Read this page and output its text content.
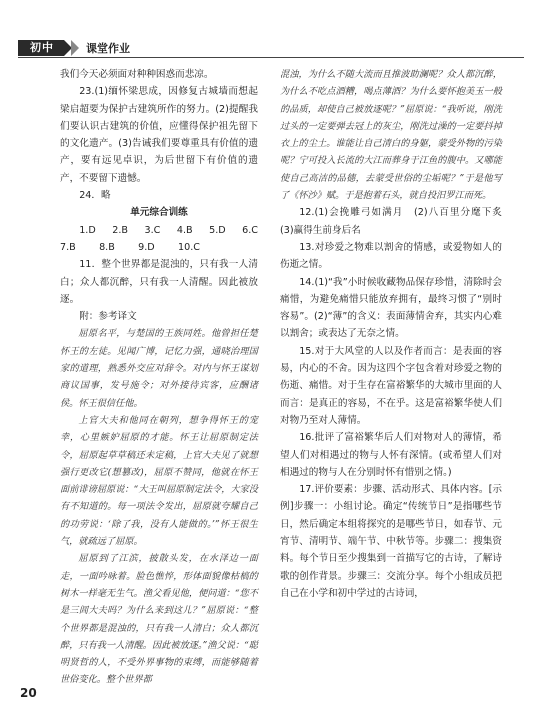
初中	课堂作业

我们今天必须面对种种困惑而悲凉。

23.(1)缅怀梁思成，因修复古城墙而想起梁启超要为保护古建筑所作的努力。(2)提醒我们要认识古建筑的价值，应懂得保护祖先留下的文化遗产。(3)告诫我们要尊重具有价值的遗产，要有远见卓识，为后世留下有价值的遗产，不要留下遗憾。

24．略

单元综合训练

1.D 2.B 3.C 4.B 5.D 6.C
7.B 8.B 9.D 10.C

11．整个世界都是混浊的，只有我一人清白；众人都沉醉，只有我一人清醒。因此被放逐。

附：参考译文

屈原名平，与楚国的王族同姓。他曾担任楚怀王的左徒。见闻广博，记忆力强，通晓治理国家的道理，熟悉外交应对辞令。对内与怀王谋划商议国事，发号施令；对外接待宾客，应酬诸侯。怀王很信任他。

上官大夫和他同在朝列，想争得怀王的宠幸，心里嫉妒屈原的才能。怀王让屈原制定法令，屈原起草草稿还未定稿，上官大夫见了就想强行更改它(想篡改)，屈原不赞同，他就在怀王面前诽谤屈原说：“大王叫屈原制定法令，大家没有不知道的。每一项法令发出，屈原就夸耀自己的功劳说：‘除了我，没有人能做的。’”怀王很生气，就疏远了屈原。

屈原到了江滨，披散头发，在水泽边一面走，一面吟咏着。脸色憔悴，形体面貌像枯槁的树木一样毫无生气。渔父看见他，便问道：“您不是三闾大夫吗？为什么来到这儿？”屈原说：“整个世界都是混浊的，只有我一人清白；众人都沉醉，只有我一人清醒。因此被放逐。”渔父说：“聪明贤哲的人，不受外界事物的束缚，而能够随着世俗变化。整个世界都

混浊，为什么不随大流而且推波助澜呢？众人都沉醉，为什么不吃点酒糟，喝点薄酒？为什么要怀抱美玉一般的品质，却使自己被放逐呢？”屈原说：“我听说，刚洗过头的一定要弹去冠上的灰尘，刚洗过澡的一定要抖掉衣上的尘土。谁能让自己清白的身躯，蒙受外物的污染呢？宁可投入长流的大江而葬身于江鱼的腹中。又哪能使自己高洁的品德，去蒙受世俗的尘垢呢？”于是他写了《怀沙》赋。于是抱着石头，就自投汨罗江而死。

12.(1)会挽雕弓如满月　(2)八百里分麾下炙　(3)赢得生前身后名

13.对珍爱之物难以割舍的情感，或爱物如人的伤逝之情。

14.(1)“我”小时候收藏物品保存珍惜，清除时会痛惜，为避免痛惜只能放弃拥有，最终习惯了“别时容易”。(2)“薄”的含义：表面薄情舍弃，其实内心难以割舍；或表达了无奈之情。

15.对于大风堂的人以及作者而言：是表面的容易，内心的不舍。因为这四个字包含着对珍爱之物的伤逝、痛惜。对于生存在富裕繁华的大城市里面的人而言：是真正的容易，不在乎。这是富裕繁华使人们对物乃至对人薄情。

16.批评了富裕繁华后人们对物对人的薄情，希望人们对相遇过的物与人怀有深情。(或希望人们对相遇过的物与人在分别时怀有惜别之情。)

17.评价要素：步骤、活动形式、具体内容。[示例]步骤一：小组讨论。确定“传统节日”是指哪些节日，然后确定本组将探究的是哪些节日，如春节、元宵节、清明节、端午节、中秋节等。步骤二：搜集资料。每个节日至少搜集到一首描写它的古诗，了解诗歌的创作背景。步骤三：交流分享。每个小组成员把自己在小学和初中学过的古诗词，

20
